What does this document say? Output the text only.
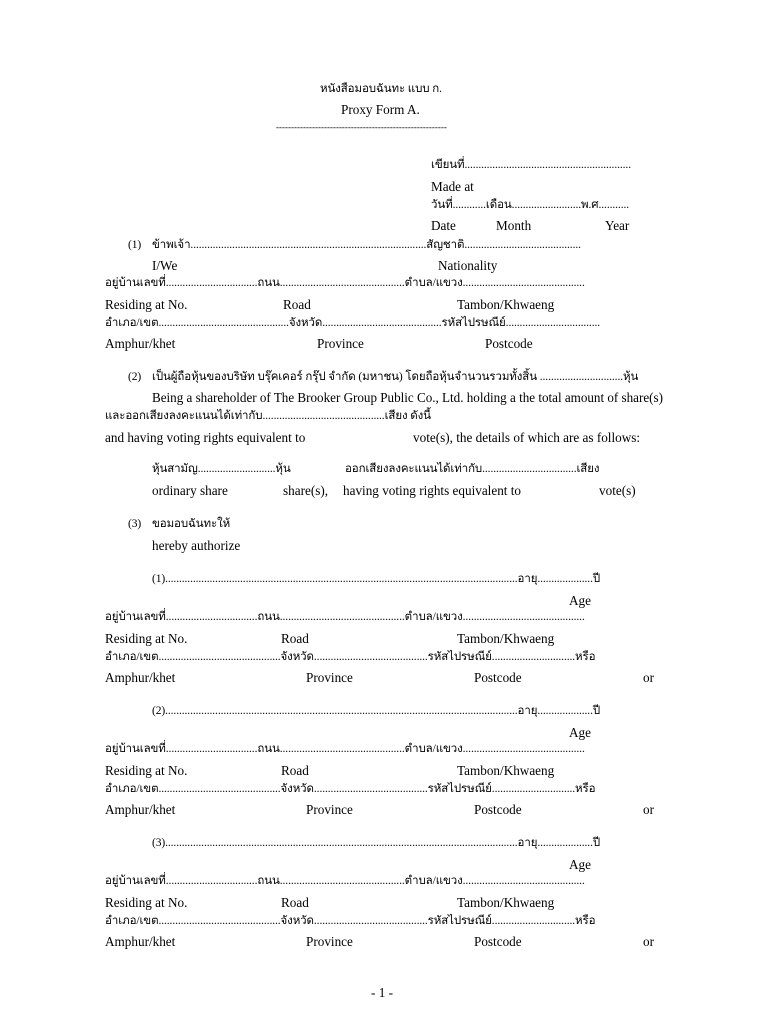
หนังสือมอบฉันทะ แบบ ก.
Proxy Form A.
---------------------------------------------------------
เขียนที่............................................................
Made at
วันที่............เดือน.........................พ.ศ...........
Date	Month	Year
(1) ข้าพเจ้า.....................................................................................สัญชาติ..........................................
I/We	Nationality
อยู่บ้านเลขที่.................................ถนน.............................................ตำบล/แขวง............................................
Residing at No.	Road	Tambon/Khwaeng
อำเภอ/เขต...............................................จังหวัด...........................................รหัสไปรษณีย์..................................
Amphur/khet	Province	Postcode
(2) เป็นผู้ถือหุ้นของบริษัท บรุ๊คเคอร์ กรุ๊ป จำกัด (มหาชน) โดยถือหุ้นจำนวนรวมทั้งสิ้น ..............................หุ้น
Being a shareholder of The Brooker Group Public Co., Ltd. holding a the total amount of share(s)
และออกเสียงลงคะแนนได้เท่ากับ............................................เสียง ดังนี้
and having voting rights equivalent to	vote(s), the details of which are as follows:
หุ้นสามัญ............................หุ้น	ออกเสียงลงคะแนนได้เท่ากับ..................................เสียง
ordinary share	share(s), having voting rights equivalent to	vote(s)
(3) ขอมอบฉันทะให้
hereby authorize
(1)...............................................................................................................................อายุ....................ปี
Age
อยู่บ้านเลขที่.................................ถนน.............................................ตำบล/แขวง............................................
Residing at No.	Road	Tambon/Khwaeng
อำเภอ/เขต............................................จังหวัด.........................................รหัสไปรษณีย์..............................หรือ
Amphur/khet	Province	Postcode	or
(2)...............................................................................................................................อายุ....................ปี
Age
อยู่บ้านเลขที่.................................ถนน.............................................ตำบล/แขวง............................................
Residing at No.	Road	Tambon/Khwaeng
อำเภอ/เขต............................................จังหวัด.........................................รหัสไปรษณีย์..............................หรือ
Amphur/khet	Province	Postcode	or
(3)...............................................................................................................................อายุ....................ปี
Age
อยู่บ้านเลขที่.................................ถนน.............................................ตำบล/แขวง............................................
Residing at No.	Road	Tambon/Khwaeng
อำเภอ/เขต............................................จังหวัด.........................................รหัสไปรษณีย์..............................หรือ
Amphur/khet	Province	Postcode	or
- 1 -
